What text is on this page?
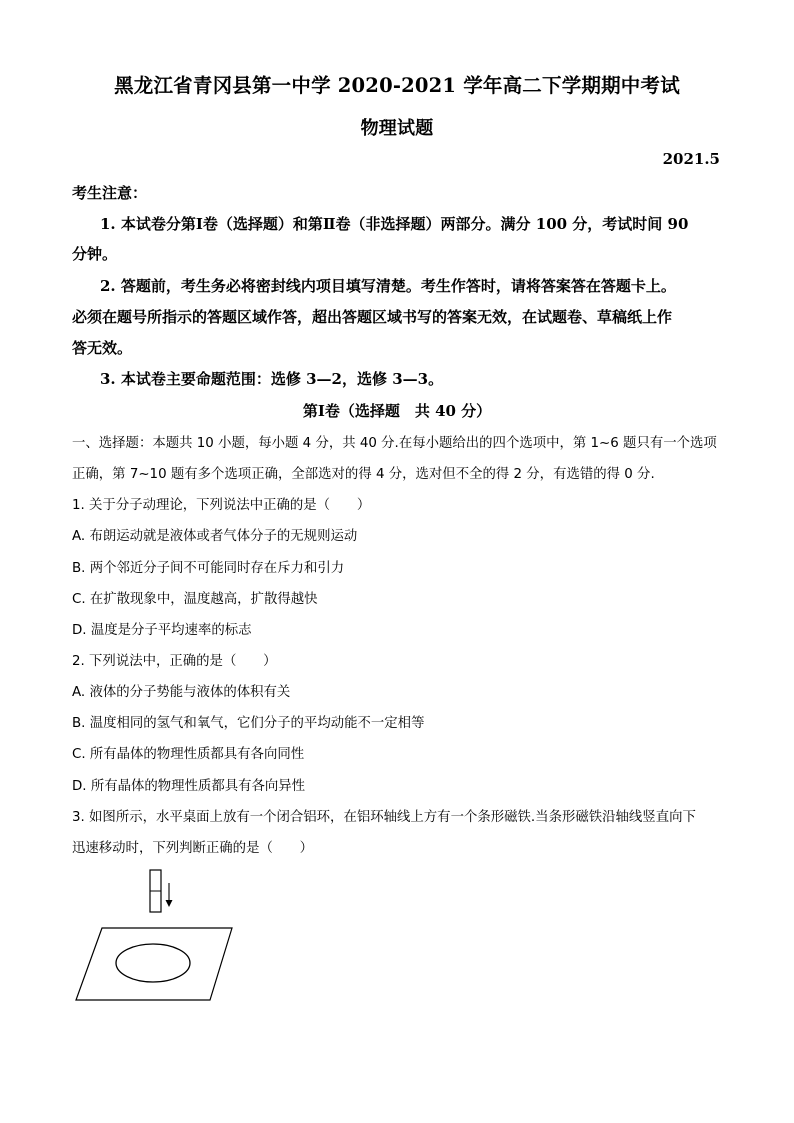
黑龙江省青冈县第一中学 2020-2021 学年高二下学期期中考试
物理试题
2021.5
考生注意：
1. 本试卷分第Ⅰ卷（选择题）和第Ⅱ卷（非选择题）两部分。满分 100 分，考试时间 90
分钟。
2. 答题前，考生务必将密封线内项目填写清楚。考生作答时，请将答案答在答题卡上。
必须在题号所指示的答题区域作答，超出答题区域书写的答案无效，在试题卷、草稿纸上作
答无效。
3. 本试卷主要命题范围：选修 3—2，选修 3—3。
第Ⅰ卷（选择题　共 40 分）
一、选择题：本题共 10 小题，每小题 4 分，共 40 分.在每小题给出的四个选项中，第 1~6 题只有一个选项
正确，第 7~10 题有多个选项正确，全部选对的得 4 分，选对但不全的得 2 分，有选错的得 0 分.
1. 关于分子动理论，下列说法中正确的是（　　）
A. 布朗运动就是液体或者气体分子的无规则运动
B. 两个邻近分子间不可能同时存在斥力和引力
C. 在扩散现象中，温度越高，扩散得越快
D. 温度是分子平均速率的标志
2. 下列说法中，正确的是（　　）
A. 液体的分子势能与液体的体积有关
B. 温度相同的氢气和氧气，它们分子的平均动能不一定相等
C. 所有晶体的物理性质都具有各向同性
D. 所有晶体的物理性质都具有各向异性
3. 如图所示，水平桌面上放有一个闭合铝环，在铝环轴线上方有一个条形磁铁.当条形磁铁沿轴线竖直向下
迅速移动时，下列判断正确的是（　　）
